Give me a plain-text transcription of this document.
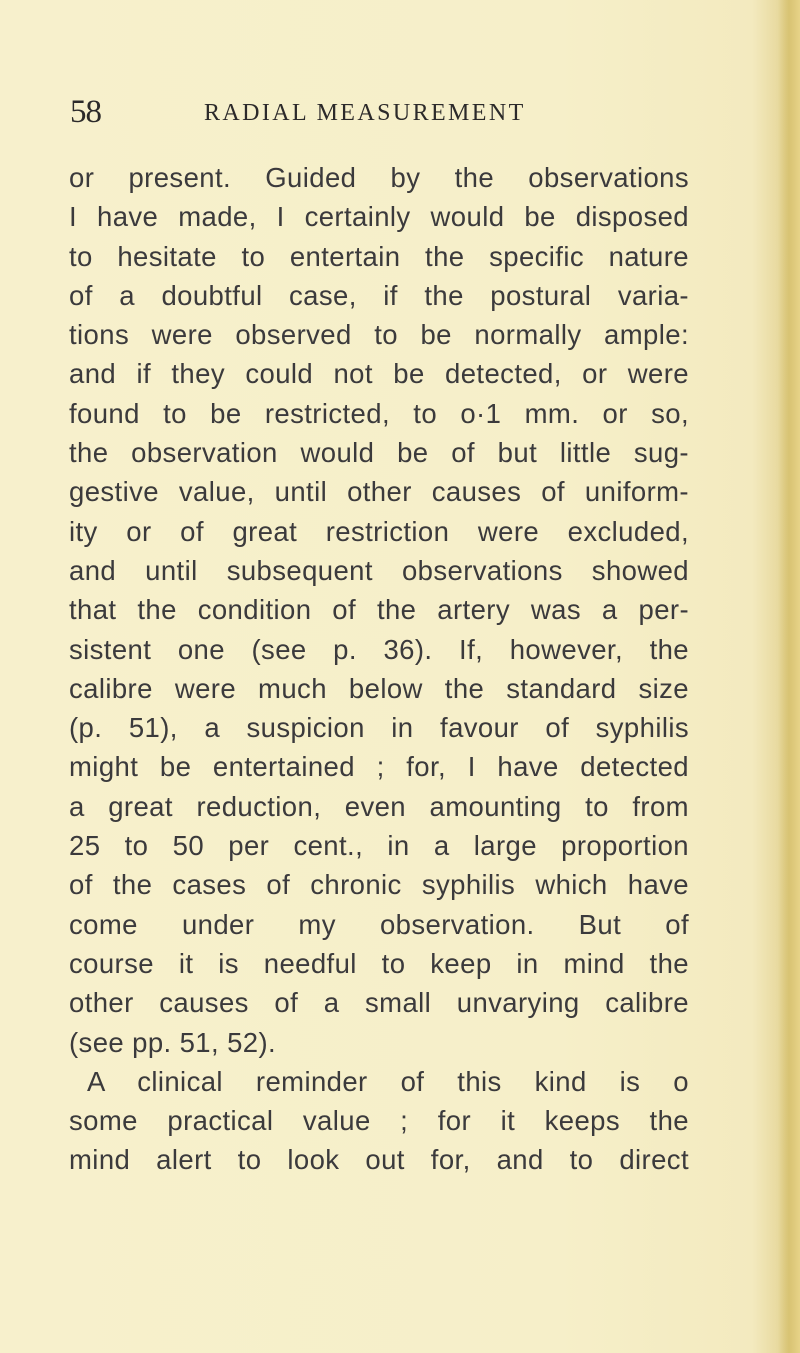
58	RADIAL MEASUREMENT
or present. Guided by the observations
I have made, I certainly would be disposed
to hesitate to entertain the specific nature
of a doubtful case, if the postural varia-
tions were observed to be normally ample:
and if they could not be detected, or were
found to be restricted, to o·1 mm. or so,
the observation would be of but little sug-
gestive value, until other causes of uniform-
ity or of great restriction were excluded,
and until subsequent observations showed
that the condition of the artery was a per-
sistent one (see p. 36). If, however, the
calibre were much below the standard size
(p. 51), a suspicion in favour of syphilis
might be entertained ; for, I have detected
a great reduction, even amounting to from
25 to 50 per cent., in a large proportion
of the cases of chronic syphilis which have
come under my observation. But of
course it is needful to keep in mind the
other causes of a small unvarying calibre
(see pp. 51, 52).
A clinical reminder of this kind is o
some practical value ; for it keeps the
mind alert to look out for, and to direct
